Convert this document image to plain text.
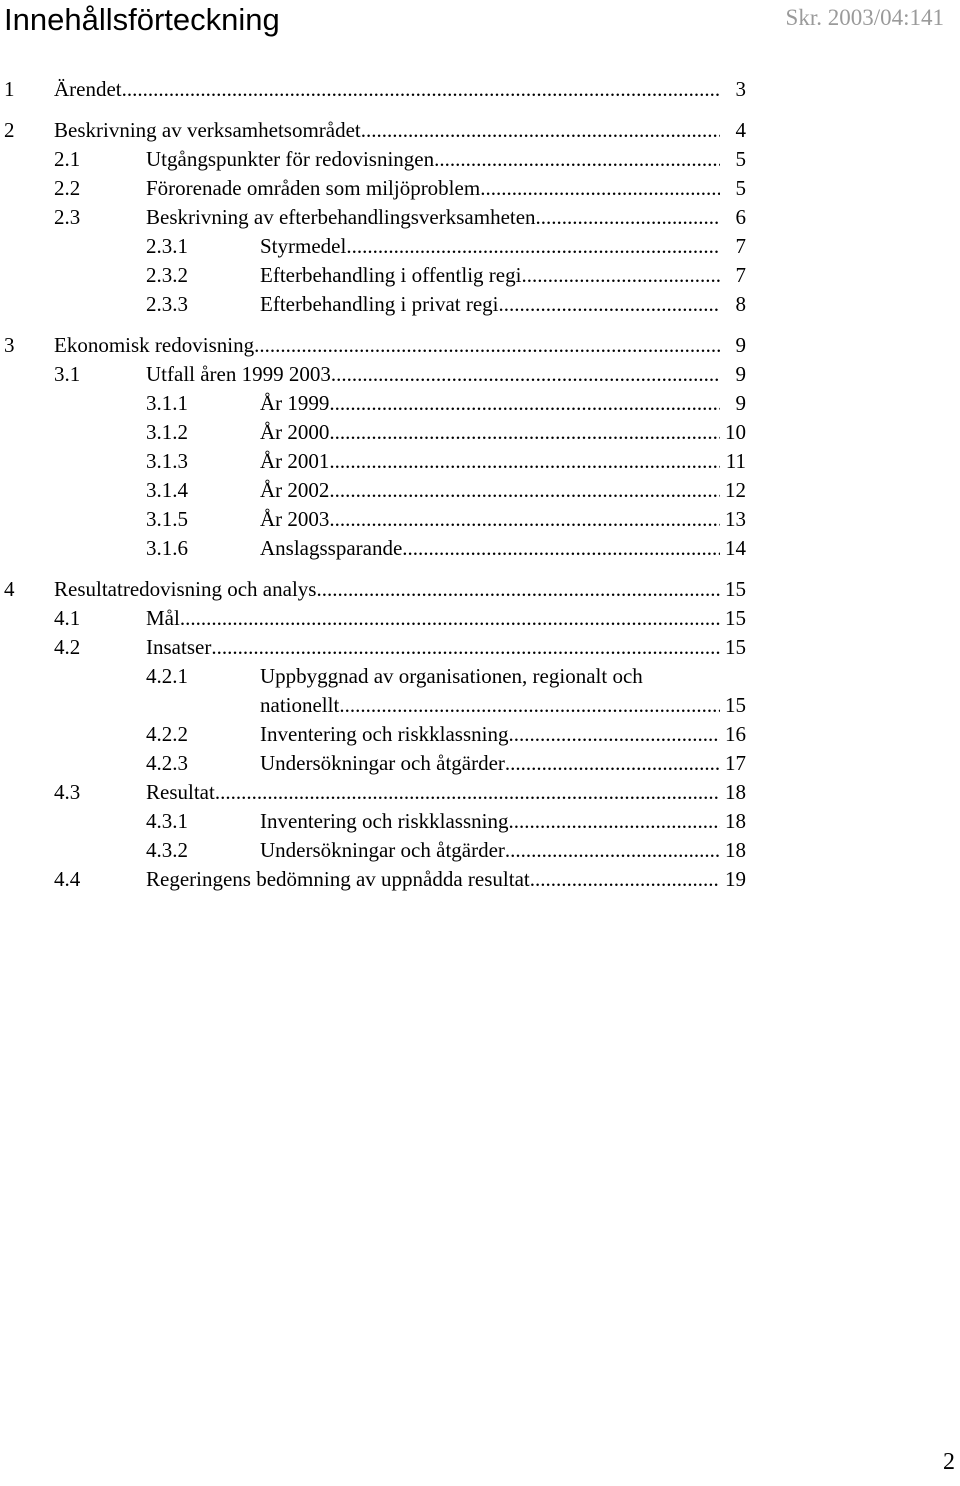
Innehållsförteckning	Skr. 2003/04:141
1 Ärendet .....	3
2 Beskrivning av verksamhetsområdet .....	4
2.1	Utgångspunkter för redovisningen .....	5
2.2	Förorenade områden som miljöproblem .....	5
2.3	Beskrivning av efterbehandlingsverksamheten .....	6
2.3.1	Styrmedel .....	7
2.3.2	Efterbehandling i offentlig regi .....	7
2.3.3	Efterbehandling i privat regi .....	8
3 Ekonomisk redovisning .....	9
3.1	Utfall åren 1999 2003 .....	9
3.1.1	År 1999 .....	9
3.1.2	År 2000 .....	10
3.1.3	År 2001 .....	11
3.1.4	År 2002 .....	12
3.1.5	År 2003 .....	13
3.1.6	Anslagssparande .....	14
4 Resultatredovisning och analys .....	15
4.1	Mål .....	15
4.2	Insatser .....	15
4.2.1	Uppbyggnad av organisationen, regionalt och
nationellt .....	15
4.2.2	Inventering och riskklassning .....	16
4.2.3	Undersökningar och åtgärder .....	17
4.3	Resultat .....	18
4.3.1	Inventering och riskklassning .....	18
4.3.2	Undersökningar och åtgärder .....	18
4.4	Regeringens bedömning av uppnådda resultat .....	19
2
